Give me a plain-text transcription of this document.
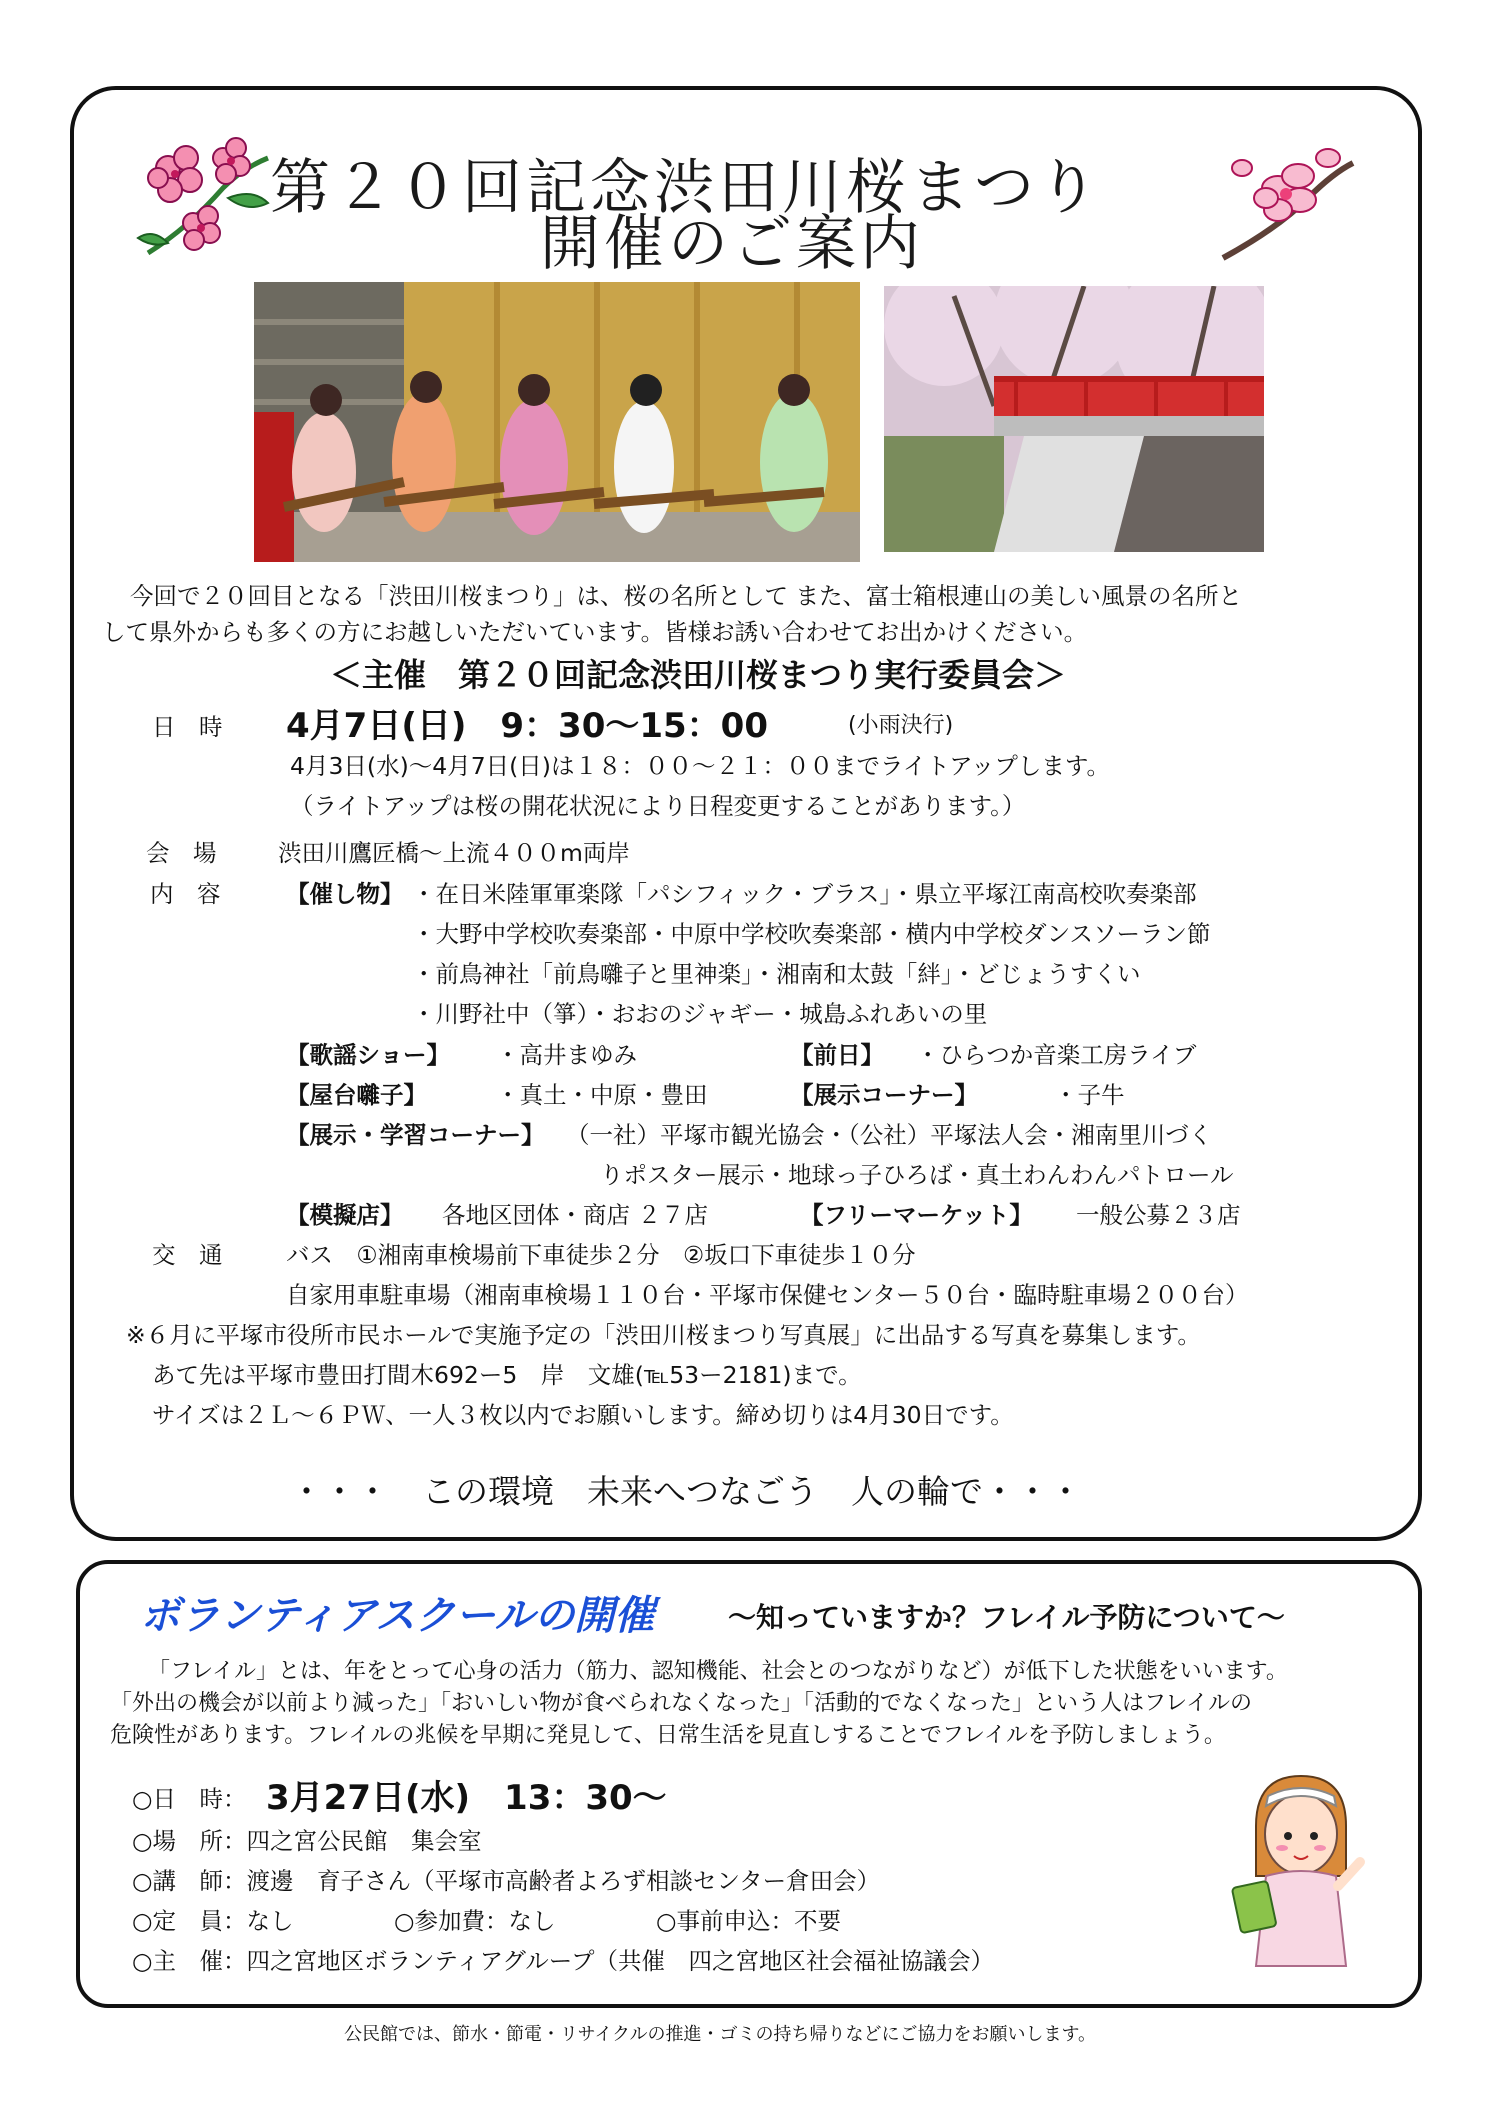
第２０回記念渋田川桜まつり
開催のご案内
今回で２０回目となる「渋田川桜まつり」は、桜の名所として また、富士箱根連山の美しい風景の名所と
して県外からも多くの方にお越しいただいています。皆様お誘い合わせてお出かけください。
＜主催　第２０回記念渋田川桜まつり実行委員会＞
日　時 4月7日(日)　9：30～15：00	(小雨決行)
4月3日(水)～4月7日(日)は１８：００～２１：００までライトアップします。
（ライトアップは桜の開花状況により日程変更することがあります。）
会　場	渋田川鷹匠橋～上流４００m両岸
内　容	【催し物】 ・在日米陸軍軍楽隊「パシフィック・ブラス」・県立平塚江南高校吹奏楽部
・大野中学校吹奏楽部・中原中学校吹奏楽部・横内中学校ダンスソーラン節
・前鳥神社「前鳥囃子と里神楽」・湘南和太鼓「絆」・どじょうすくい
・川野社中（箏）・おおのジャギー・城島ふれあいの里
【歌謡ショー】 ・高井まゆみ	【前日】 ・ひらつか音楽工房ライブ
【屋台囃子】	・真土・中原・豊田	【展示コーナー】	・子牛
【展示・学習コーナー】 （一社）平塚市観光協会・（公社）平塚法人会・湘南里川づく
りポスター展示・地球っ子ひろば・真土わんわんパトロール
【模擬店】 各地区団体・商店 ２７店	【フリーマーケット】 一般公募２３店
交　通	バス　①湘南車検場前下車徒歩２分　②坂口下車徒歩１０分
自家用車駐車場（湘南車検場１１０台・平塚市保健センター５０台・臨時駐車場２００台）
※６月に平塚市役所市民ホールで実施予定の「渋田川桜まつり写真展」に出品する写真を募集します。
あて先は平塚市豊田打間木692ー5　岸　文雄(℡53ー2181)まで。
サイズは２Ｌ～６ＰＷ、一人３枚以内でお願いします。締め切りは4月30日です。
・・・　この環境　未来へつなごう　人の輪で・・・
ボランティアスクールの開催	～知っていますか？フレイル予防について～
「フレイル」とは、年をとって心身の活力（筋力、認知機能、社会とのつながりなど）が低下した状態をいいます。
「外出の機会が以前より減った」「おいしい物が食べられなくなった」「活動的でなくなった」という人はフレイルの
危険性があります。フレイルの兆候を早期に発見して、日常生活を見直しすることでフレイルを予防しましょう。
○日　時： 3月27日(水)　13：30～
○場　所：四之宮公民館　集会室
○講　師：渡邊　育子さん（平塚市高齢者よろず相談センター倉田会）
○定　員：なし	○参加費：なし	○事前申込：不要
○主　催：四之宮地区ボランティアグループ（共催　四之宮地区社会福祉協議会）
公民館では、節水・節電・リサイクルの推進・ゴミの持ち帰りなどにご協力をお願いします。
